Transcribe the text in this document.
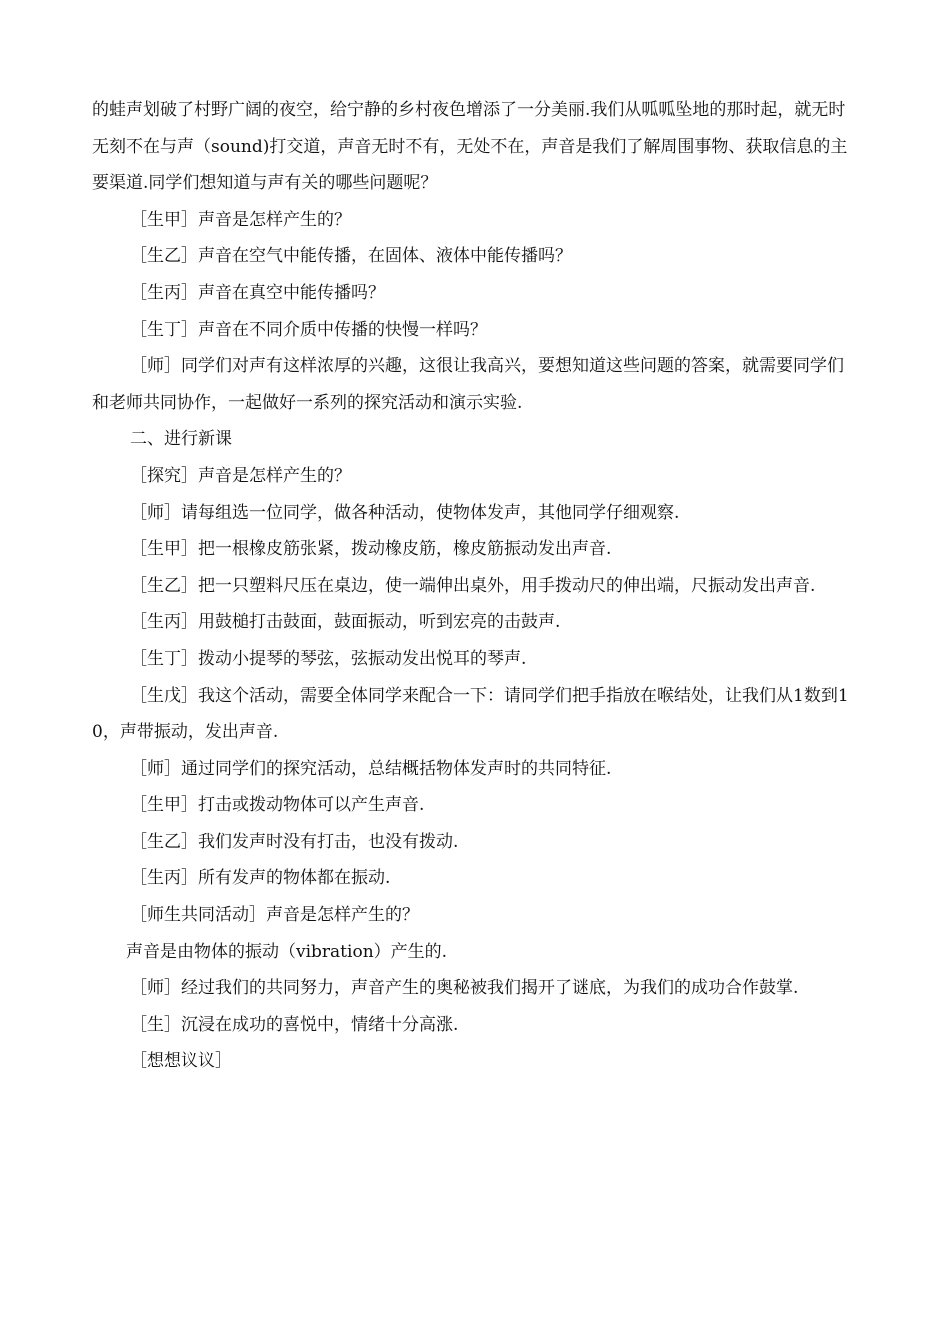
的蛙声划破了村野广阔的夜空，给宁静的乡村夜色增添了一分美丽.我们从呱呱坠地的那时起，就无时无刻不在与声（sound)打交道，声音无时不有，无处不在，声音是我们了解周围事物、获取信息的主要渠道.同学们想知道与声有关的哪些问题呢？

［生甲］声音是怎样产生的？

［生乙］声音在空气中能传播，在固体、液体中能传播吗？

［生丙］声音在真空中能传播吗？

［生丁］声音在不同介质中传播的快慢一样吗？

［师］同学们对声有这样浓厚的兴趣，这很让我高兴，要想知道这些问题的答案，就需要同学们和老师共同协作，一起做好一系列的探究活动和演示实验.

二、进行新课

［探究］声音是怎样产生的？

［师］请每组选一位同学，做各种活动，使物体发声，其他同学仔细观察.

［生甲］把一根橡皮筋张紧，拨动橡皮筋，橡皮筋振动发出声音.

［生乙］把一只塑料尺压在桌边，使一端伸出桌外，用手拨动尺的伸出端，尺振动发出声音.

［生丙］用鼓槌打击鼓面，鼓面振动，听到宏亮的击鼓声.

［生丁］拨动小提琴的琴弦，弦振动发出悦耳的琴声.

［生戊］我这个活动，需要全体同学来配合一下：请同学们把手指放在喉结处，让我们从1数到10，声带振动，发出声音.

［师］通过同学们的探究活动，总结概括物体发声时的共同特征.

［生甲］打击或拨动物体可以产生声音.

［生乙］我们发声时没有打击，也没有拨动.

［生丙］所有发声的物体都在振动.

［师生共同活动］声音是怎样产生的？

声音是由物体的振动（vibration）产生的.

［师］经过我们的共同努力，声音产生的奥秘被我们揭开了谜底，为我们的成功合作鼓掌.

［生］沉浸在成功的喜悦中，情绪十分高涨.

［想想议议］
